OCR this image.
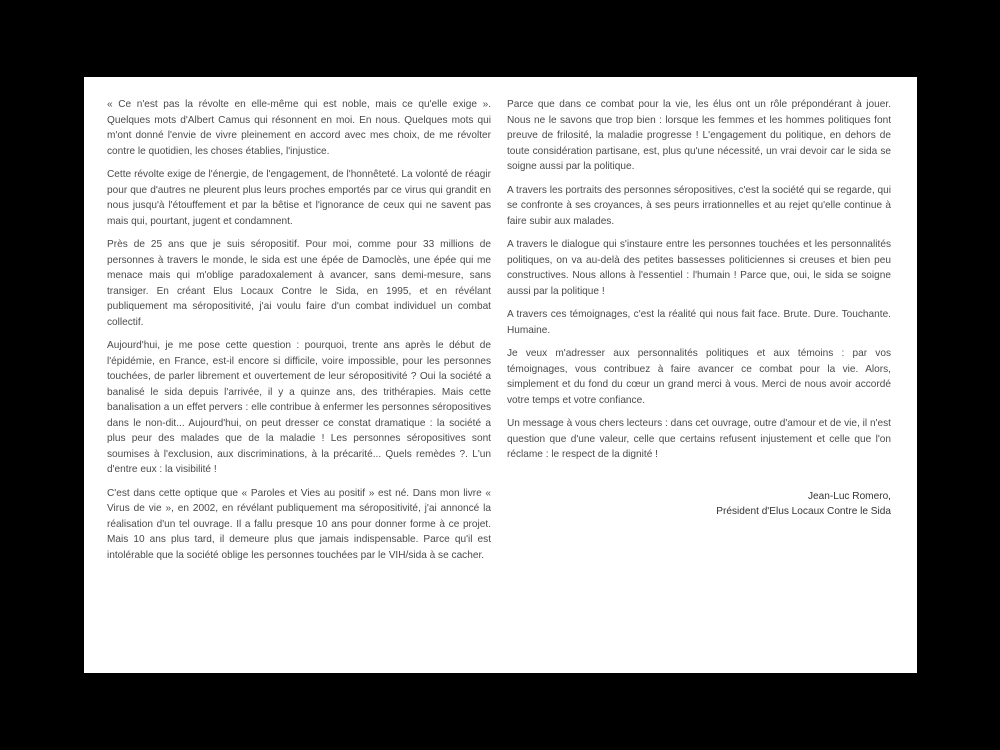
« Ce n'est pas la révolte en elle-même qui est noble, mais ce qu'elle exige ». Quelques mots d'Albert Camus qui résonnent en moi. En nous. Quelques mots qui m'ont donné l'envie de vivre pleinement en accord avec mes choix, de me révolter contre le quotidien, les choses établies, l'injustice.

Cette révolte exige de l'énergie, de l'engagement, de l'honnêteté. La volonté de réagir pour que d'autres ne pleurent plus leurs proches emportés par ce virus qui grandit en nous jusqu'à l'étouffement et par la bêtise et l'ignorance de ceux qui ne savent pas mais qui, pourtant, jugent et condamnent.

Près de 25 ans que je suis séropositif. Pour moi, comme pour 33 millions de personnes à travers le monde, le sida est une épée de Damoclès, une épée qui me menace mais qui m'oblige paradoxalement à avancer, sans demi-mesure, sans transiger. En créant Elus Locaux Contre le Sida, en 1995, et en révélant publiquement ma séropositivité, j'ai voulu faire d'un combat individuel un combat collectif.

Aujourd'hui, je me pose cette question : pourquoi, trente ans après le début de l'épidémie, en France, est-il encore si difficile, voire impossible, pour les personnes touchées, de parler librement et ouvertement de leur séropositivité ? Oui la société a banalisé le sida depuis l'arrivée, il y a quinze ans, des trithérapies. Mais cette banalisation a un effet pervers : elle contribue à enfermer les personnes séropositives dans le non-dit... Aujourd'hui, on peut dresser ce constat dramatique : la société a plus peur des malades que de la maladie ! Les personnes séropositives sont soumises à l'exclusion, aux discriminations, à la précarité... Quels remèdes ?. L'un d'entre eux : la visibilité !

C'est dans cette optique que « Paroles et Vies au positif » est né. Dans mon livre « Virus de vie », en 2002, en révélant publiquement ma séropositivité, j'ai annoncé la réalisation d'un tel ouvrage. Il a fallu presque 10 ans pour donner forme à ce projet. Mais 10 ans plus tard, il demeure plus que jamais indispensable. Parce qu'il est intolérable que la société oblige les personnes touchées par le VIH/sida à se cacher.

Parce que dans ce combat pour la vie, les élus ont un rôle prépondérant à jouer. Nous ne le savons que trop bien : lorsque les femmes et les hommes politiques font preuve de frilosité, la maladie progresse ! L'engagement du politique, en dehors de toute considération partisane, est, plus qu'une nécessité, un vrai devoir car le sida se soigne aussi par la politique.

A travers les portraits des personnes séropositives, c'est la société qui se regarde, qui se confronte à ses croyances, à ses peurs irrationnelles et au rejet qu'elle continue à faire subir aux malades.

A travers le dialogue qui s'instaure entre les personnes touchées et les personnalités politiques, on va au-delà des petites bassesses politiciennes si creuses et bien peu constructives. Nous allons à l'essentiel : l'humain ! Parce que, oui, le sida se soigne aussi par la politique !

A travers ces témoignages, c'est la réalité qui nous fait face. Brute. Dure. Touchante. Humaine.

Je veux m'adresser aux personnalités politiques et aux témoins : par vos témoignages, vous contribuez à faire avancer ce combat pour la vie. Alors, simplement et du fond du cœur un grand merci à vous. Merci de nous avoir accordé votre temps et votre confiance.

Un message à vous chers lecteurs : dans cet ouvrage, outre d'amour et de vie, il n'est question que d'une valeur, celle que certains refusent injustement et celle que l'on réclame : le respect de la dignité !

Jean-Luc Romero,
Président d'Elus Locaux Contre le Sida
